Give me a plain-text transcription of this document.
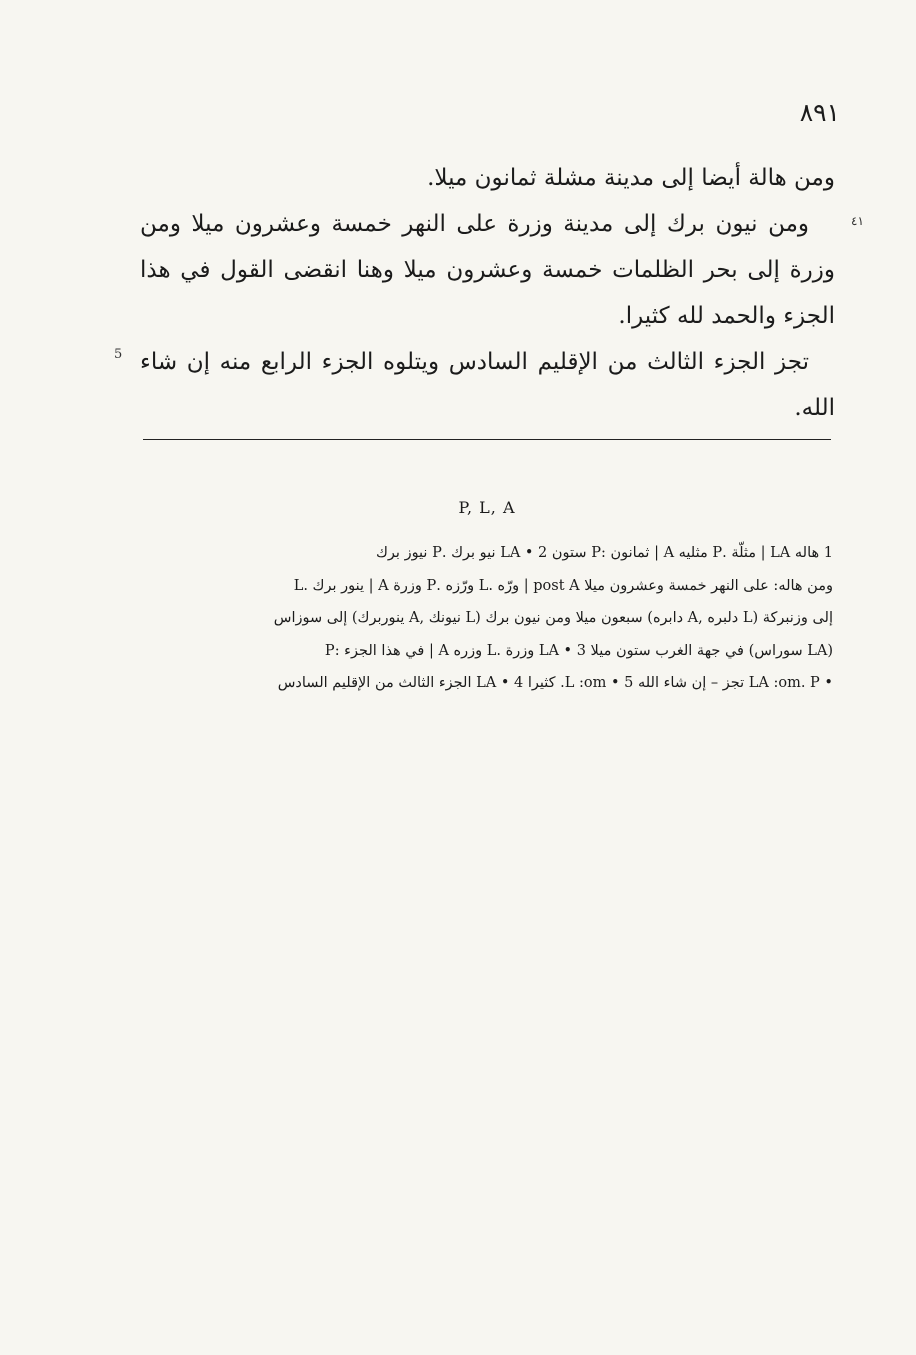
٨٩١
٤١
5

ومن هالة أيضا إلى مدينة مشلة ثمانون ميلا.

ومن نيون برك إلى مدينة وزرة على النهر خمسة وعشرون ميلا ومن وزرة إلى بحر الظلمات خمسة وعشرون ميلا وهنا انقضى القول في هذا الجزء والحمد لله كثيرا.

تجز الجزء الثالث من الإقليم السادس ويتلوه الجزء الرابع منه إن شاء الله.

P, L, A

1 هاله LA | مثلّة .P مثليه A | ثمانون :P ستون LA • 2 نيو برك .P نيوز برك

ومن هاله: على النهر خمسة وعشرون ميلا post A | ورّه .L ورّزه .P وزرة A | ينور برك .L

إلى وزنبركة (L دلبره ,A دابره) سبعون ميلا ومن نيون برك (L نيونك ,A ينوربرك) إلى سوزاس

(LA سوراس) في جهة الغرب ستون ميلا LA • 3 وزرة .L وزره A | في هذا الجزء :P

• LA :om. P تجز – إن شاء الله 5 • L :om. كثيرا 4 • LA الجزء الثالث من الإقليم السادس
